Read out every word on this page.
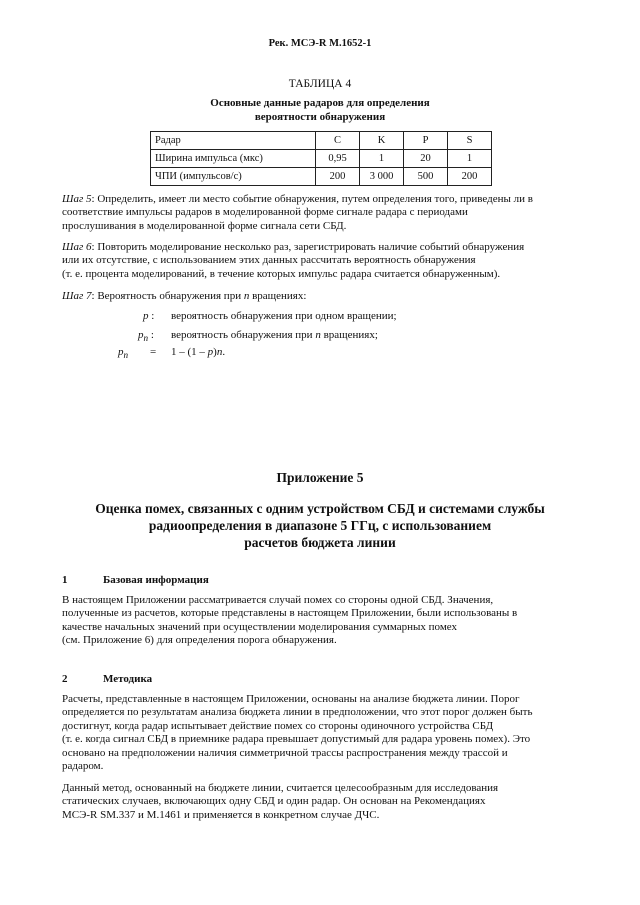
Рек. МСЭ-R M.1652-1
ТАБЛИЦА 4
Основные данные радаров для определения
вероятности обнаружения
Радар	C	K	P	S
Ширина импульса (мкс)	0,95	1	20	1
ЧПИ (импульсов/с)	200	3 000	500	200
Шаг 5: Определить, имеет ли место событие обнаружения, путем определения того, приведены ли в
соответствие импульсы радаров в моделированной форме сигнале радара с периодами
прослушивания в моделированной форме сигнала сети СБД.
Шаг 6: Повторить моделирование несколько раз, зарегистрировать наличие событий обнаружения
или их отсутствие, с использованием этих данных рассчитать вероятность обнаружения
(т. е. процента моделирований, в течение которых импульс радара считается обнаруженным).
Шаг 7: Вероятность обнаружения при n вращениях:
p : вероятность обнаружения при одном вращении;
$p_n$ : вероятность обнаружения при n вращениях;
$p_n = 1 - (1 - p)n$.
Приложение 5
Оценка помех, связанных с одним устройством СБД и системами службы
радиоопределения в диапазоне 5 ГГц, с использованием
расчетов бюджета линии
1	Базовая информация
В настоящем Приложении рассматривается случай помех со стороны одной СБД. Значения,
полученные из расчетов, которые представлены в настоящем Приложении, были использованы в
качестве начальных значений при осуществлении моделирования суммарных помех
(см. Приложение 6) для определения порога обнаружения.
2	Методика
Расчеты, представленные в настоящем Приложении, основаны на анализе бюджета линии. Порог
определяется по результатам анализа бюджета линии в предположении, что этот порог должен быть
достигнут, когда радар испытывает действие помех со стороны одиночного устройства СБД
(т. е. когда сигнал СБД в приемнике радара превышает допустимый для радара уровень помех). Это
основано на предположении наличия симметричной трассы распространения между трассой и
радаром.
Данный метод, основанный на бюджете линии, считается целесообразным для исследования
статических случаев, включающих одну СБД и один радар. Он основан на Рекомендациях
МСЭ-R SM.337 и М.1461 и применяется в конкретном случае ДЧС.
